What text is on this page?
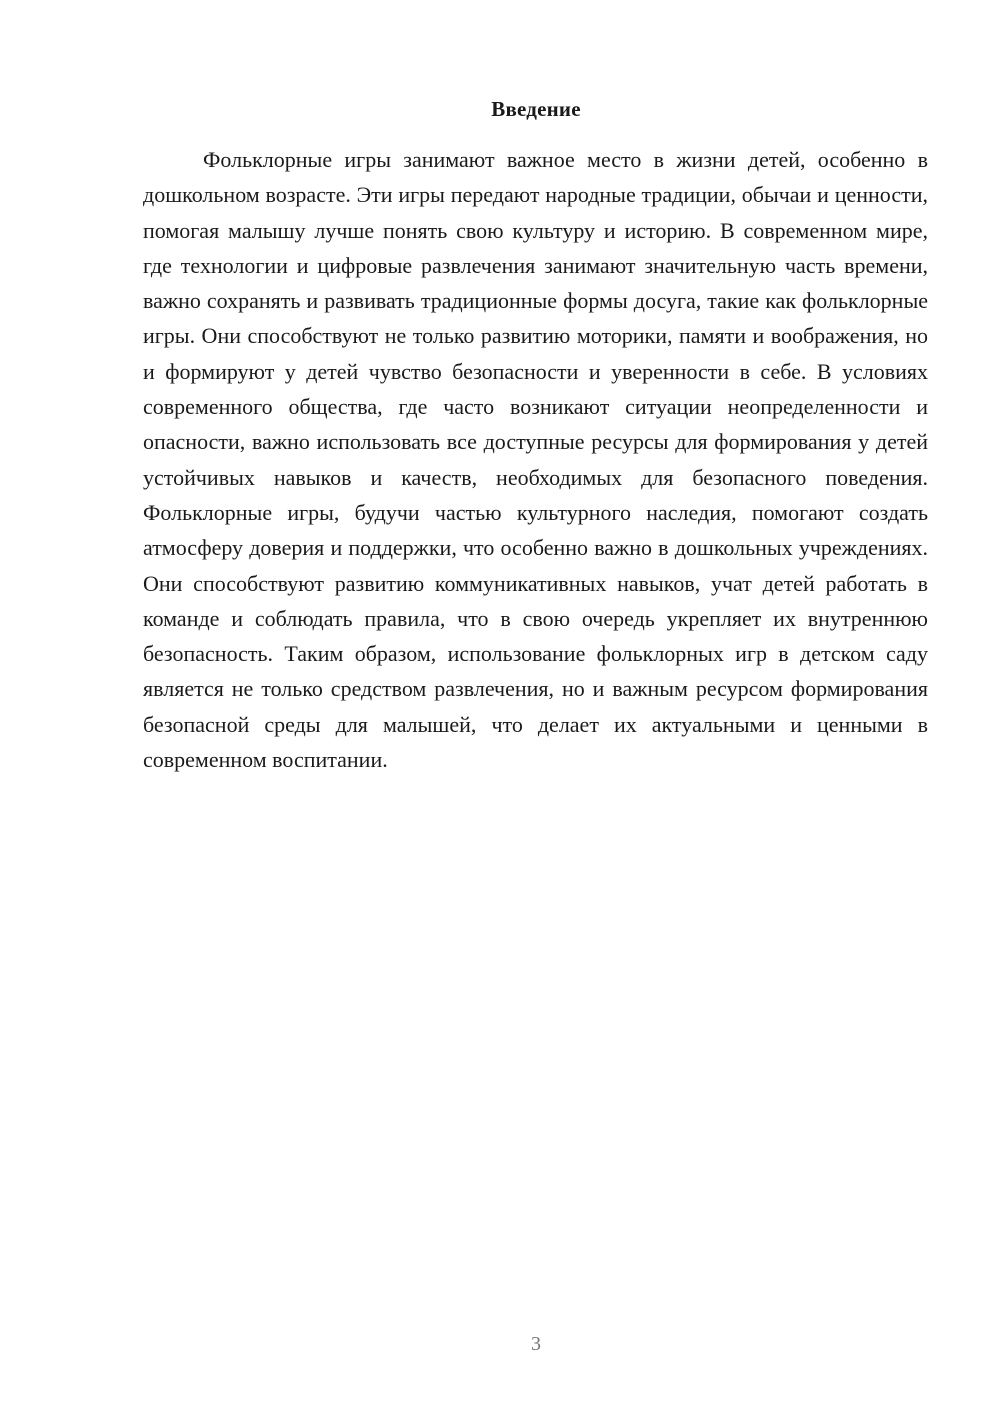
Введение

Фольклорные игры занимают важное место в жизни детей, особенно в дошкольном возрасте. Эти игры передают народные традиции, обычаи и ценности, помогая малышу лучше понять свою культуру и историю. В современном мире, где технологии и цифровые развлечения занимают значительную часть времени, важно сохранять и развивать традиционные формы досуга, такие как фольклорные игры. Они способствуют не только развитию моторики, памяти и воображения, но и формируют у детей чувство безопасности и уверенности в себе. В условиях современного общества, где часто возникают ситуации неопределенности и опасности, важно использовать все доступные ресурсы для формирования у детей устойчивых навыков и качеств, необходимых для безопасного поведения. Фольклорные игры, будучи частью культурного наследия, помогают создать атмосферу доверия и поддержки, что особенно важно в дошкольных учреждениях. Они способствуют развитию коммуникативных навыков, учат детей работать в команде и соблюдать правила, что в свою очередь укрепляет их внутреннюю безопасность. Таким образом, использование фольклорных игр в детском саду является не только средством развлечения, но и важным ресурсом формирования безопасной среды для малышей, что делает их актуальными и ценными в современном воспитании.

3
